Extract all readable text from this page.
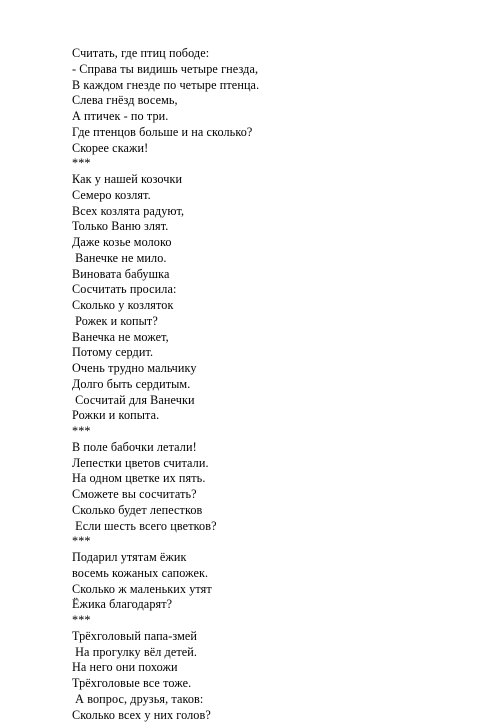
Считать, где птиц пободе:
- Справа ты видишь четыре гнезда,
В каждом гнезде по четыре птенца.
Слева гнёзд восемь,
А птичек - по три.
Где птенцов больше и на сколько?
Скорее скажи!
***
Как у нашей козочки
Семеро козлят.
Всех козлята радуют,
Только Ваню злят.
Даже козье молоко
Ванечке не мило.
Виновата бабушка
Сосчитать просила:
Сколько у козляток
Рожек и копыт?
Ванечка не может,
Потому сердит.
Очень трудно мальчику
Долго быть сердитым.
Сосчитай для Ванечки
Рожки и копыта.
***
В поле бабочки летали!
Лепестки цветов считали.
На одном цветке их пять.
Сможете вы сосчитать?
Сколько будет лепестков
Если шесть всего цветков?
***
Подарил утятам ёжик
восемь кожаных сапожек.
Сколько ж маленьких утят
Ёжика благодарят?
***
Трёхголовый папа-змей
На прогулку вёл детей.
На него они похожи
Трёхголовые все тоже.
А вопрос, друзья, таков:
Сколько всех у них голов?
